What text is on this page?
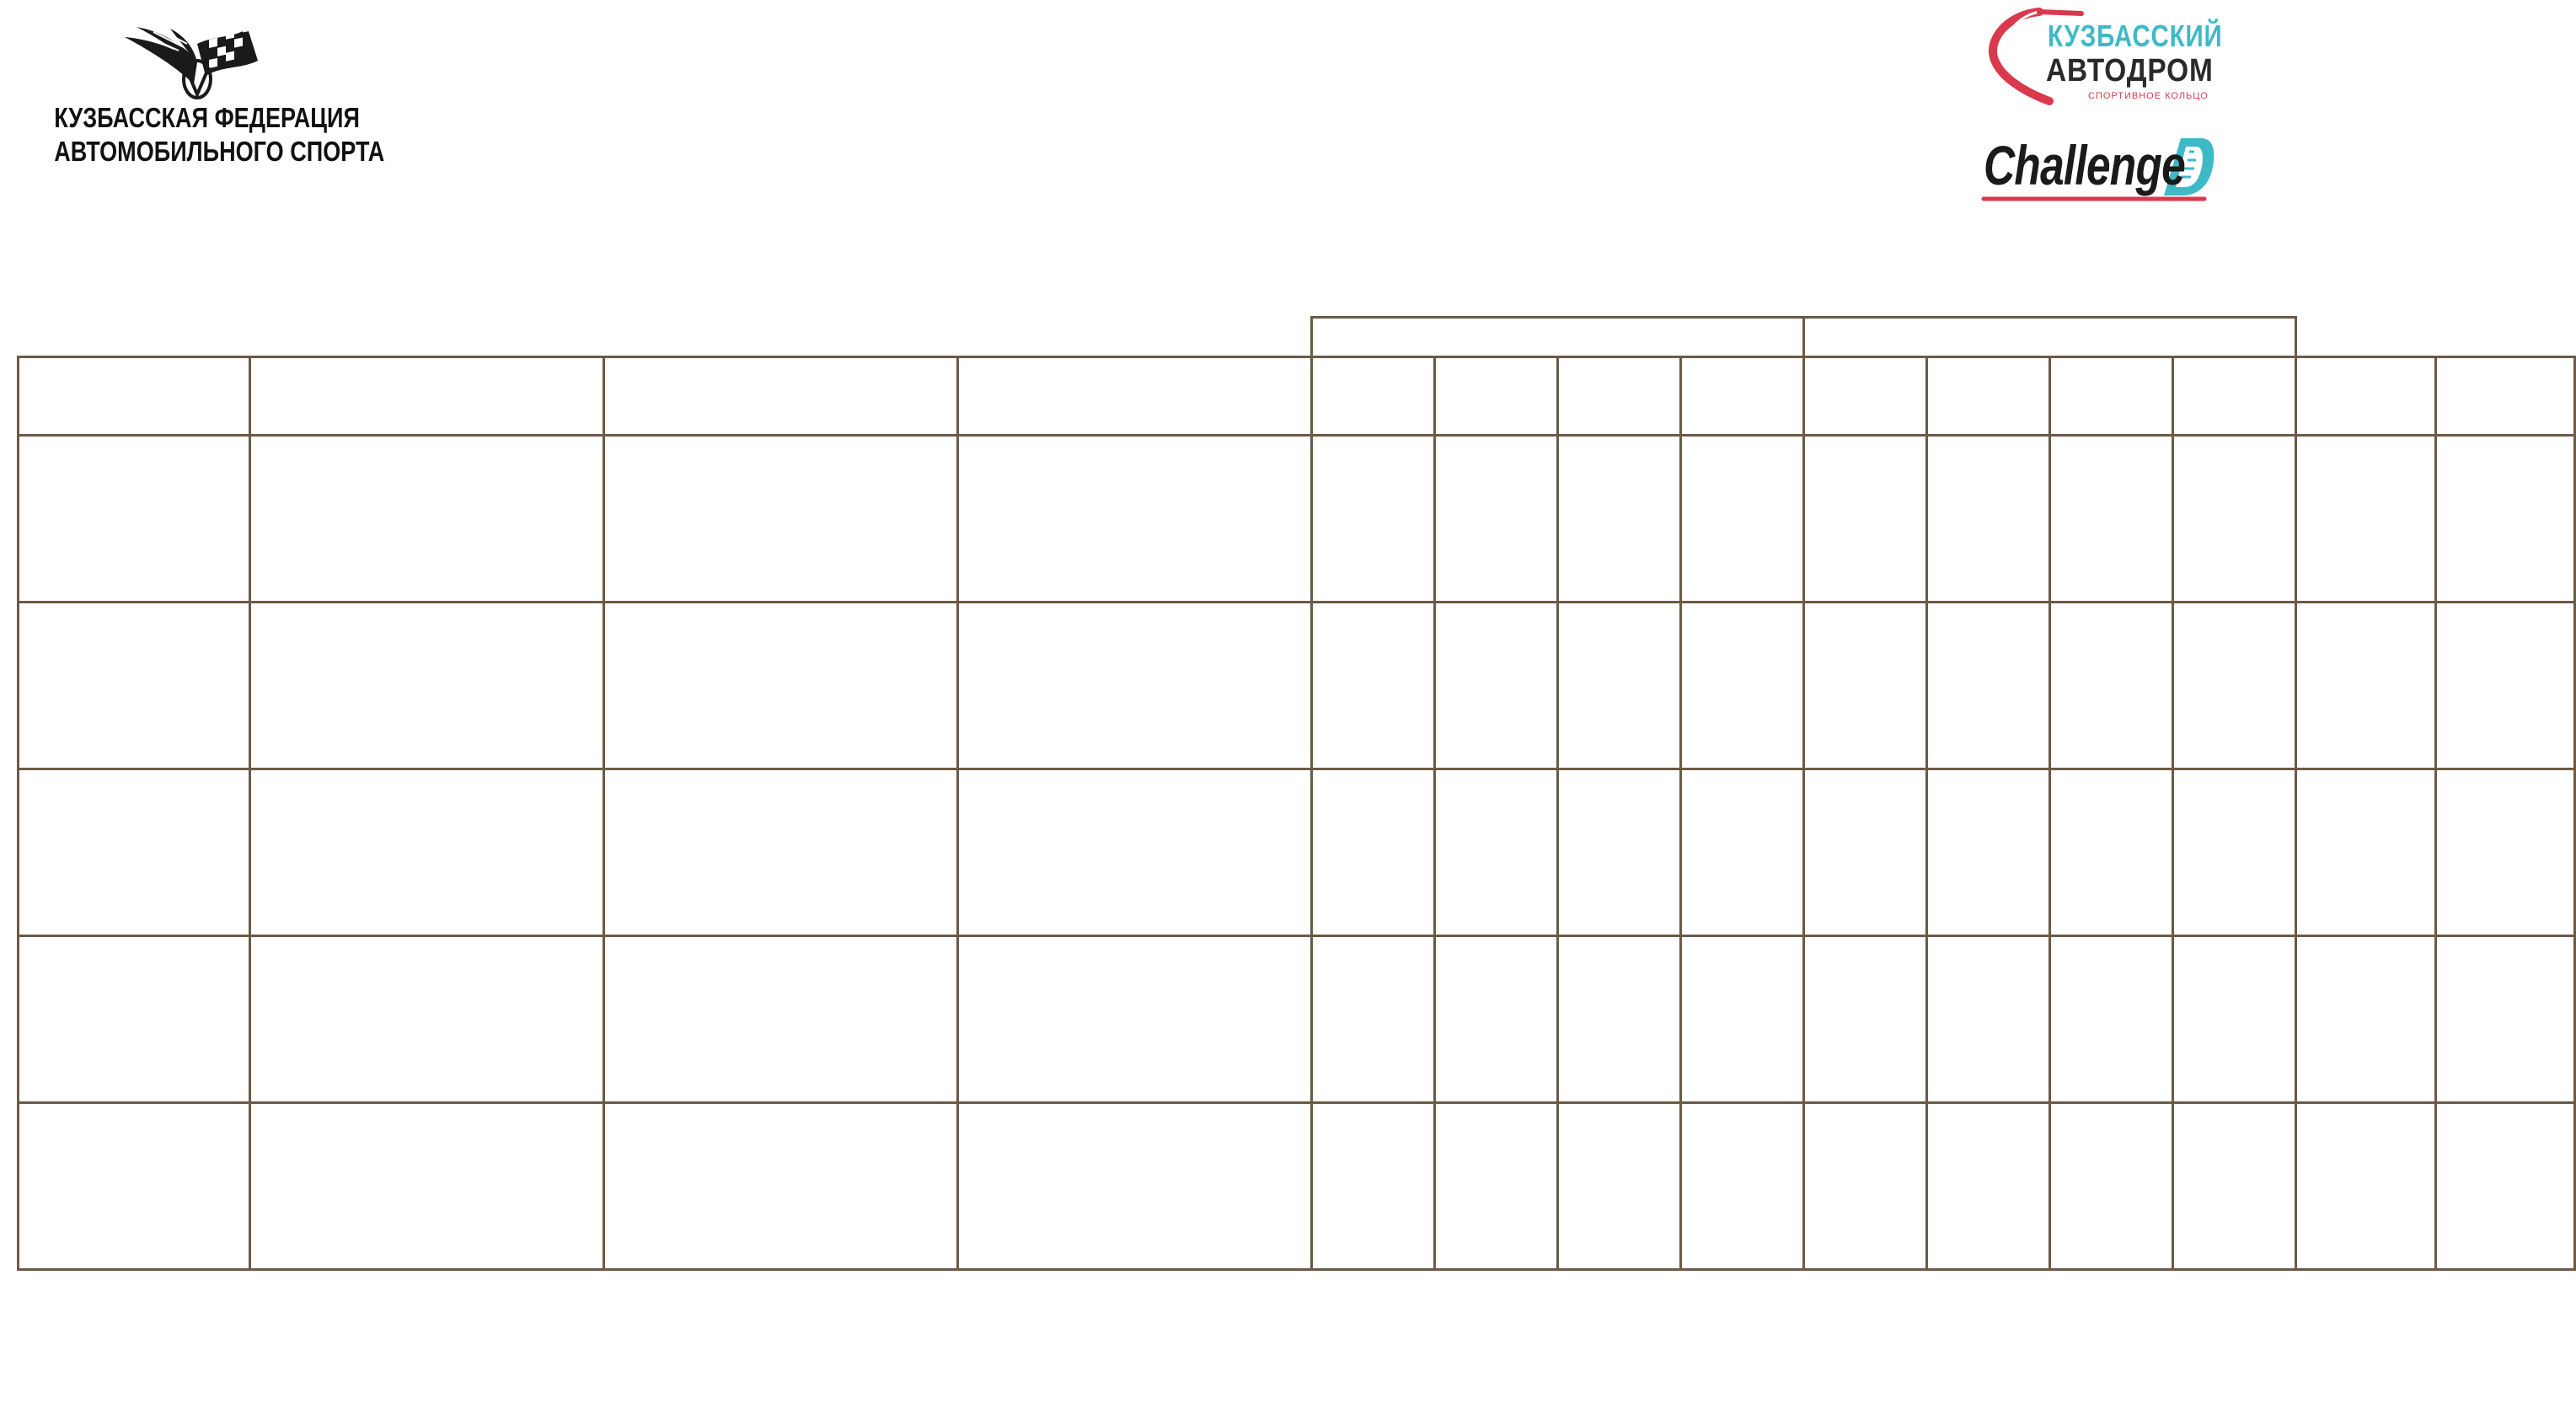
КУЗБАССКАЯ ФЕДЕРАЦИЯ
АВТОМОБИЛЬНОГО СПОРТА
КУЗБАССКИЙ
АВТОДРОМ
СПОРТИВНОЕ КОЛЬЦО
Challenge
